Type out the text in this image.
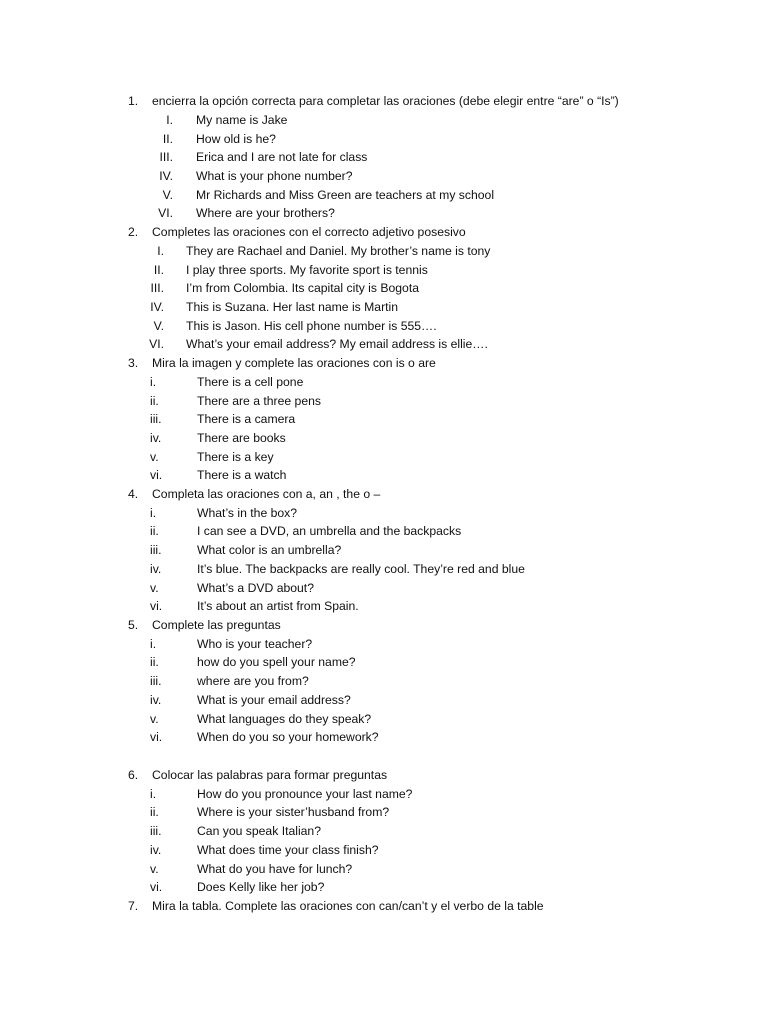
1.	encierra la opción correcta para completar las oraciones (debe elegir entre “are” o “Is”)
I. My name is Jake
II. How old is he?
III. Erica and I are not late for class
IV. What is your phone number?
V. Mr Richards and Miss Green are teachers at my school
VI. Where are your brothers?
2.	Completes las oraciones con el correcto adjetivo posesivo
I. They are Rachael and Daniel. My brother’s name is tony
II. I play three sports. My favorite sport is tennis
III. I’m from Colombia. Its capital city is Bogota
IV. This is Suzana. Her last name is Martin
V. This is Jason. His cell phone number is 555….
VI. What’s your email address? My email address is ellie….
3.	Mira la imagen y complete las oraciones con is o are
i.	There is a cell pone
ii.	There are a three pens
iii.	There is a camera
iv.	There are books
v.	There is a key
vi.	There is a watch
4.	Completa las oraciones con a, an , the o –
i.	What’s in the box?
ii.	I can see a DVD, an umbrella and the backpacks
iii.	What color is an umbrella?
iv.	It’s blue. The backpacks are really cool. They’re red and blue
v.	What’s a DVD about?
vi.	It’s about an artist from Spain.
5.	Complete las preguntas
i.	Who is your teacher?
ii.	how do you spell your name?
iii.	where are you from?
iv.	What is your email address?
v.	What languages do they speak?
vi.	When do you so your homework?
6.	Colocar las palabras para formar preguntas
i.	How do you pronounce your last name?
ii.	Where is your sister’husband from?
iii.	Can you speak Italian?
iv.	What does time your class finish?
v.	What do you have for lunch?
vi.	Does Kelly like her job?
7.	Mira la tabla. Complete las oraciones con can/can’t y el verbo de la table
